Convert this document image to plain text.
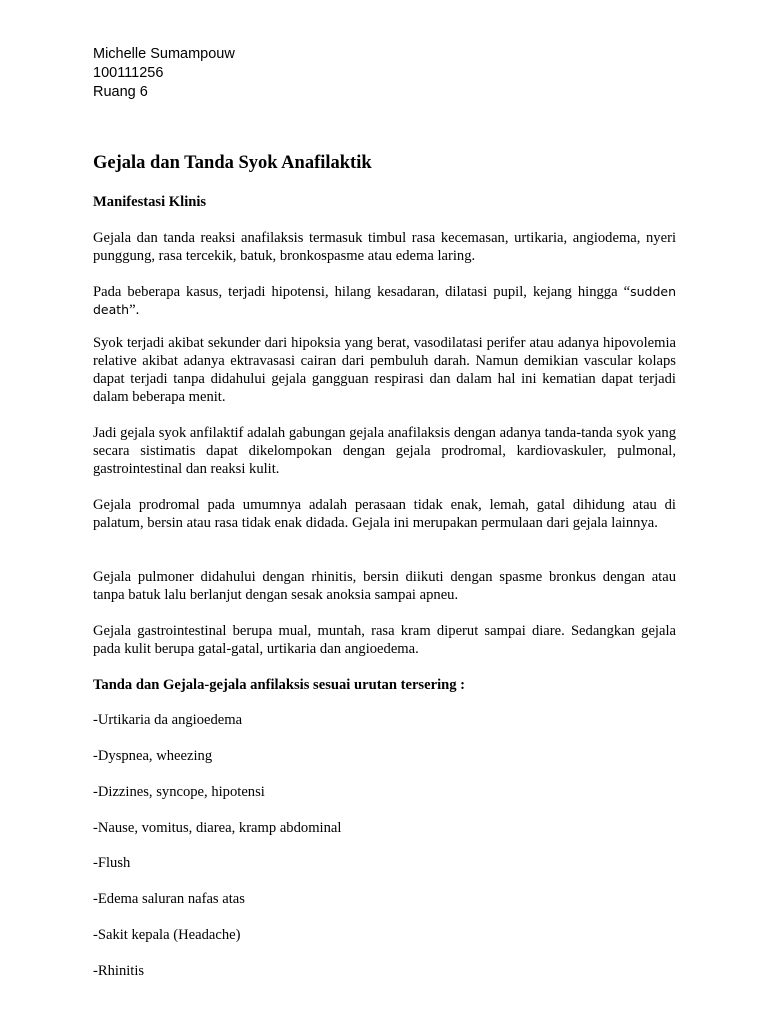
Michelle Sumampouw
100111256
Ruang 6
Gejala dan Tanda Syok Anafilaktik
Manifestasi Klinis
Gejala dan tanda reaksi anafilaksis termasuk timbul rasa kecemasan, urtikaria, angiodema, nyeri punggung, rasa tercekik, batuk, bronkospasme atau edema laring.
Pada beberapa kasus, terjadi hipotensi, hilang kesadaran, dilatasi pupil, kejang hingga “sudden death”.
Syok terjadi akibat sekunder dari hipoksia yang berat, vasodilatasi perifer atau adanya hipovolemia relative akibat adanya ektravasasi cairan dari pembuluh darah. Namun demikian vascular kolaps dapat terjadi tanpa didahului gejala gangguan respirasi dan dalam hal ini kematian dapat terjadi dalam beberapa menit.
Jadi gejala syok anfilaktif adalah gabungan gejala anafilaksis dengan adanya tanda-tanda syok yang secara sistimatis dapat dikelompokan dengan gejala prodromal, kardiovaskuler, pulmonal, gastrointestinal dan reaksi kulit.
Gejala prodromal pada umumnya adalah perasaan tidak enak, lemah, gatal dihidung atau di palatum, bersin atau rasa tidak enak didada. Gejala ini merupakan permulaan dari gejala lainnya.
Gejala pulmoner didahului dengan rhinitis, bersin diikuti dengan spasme bronkus dengan atau tanpa batuk lalu berlanjut dengan sesak anoksia sampai apneu.
Gejala gastrointestinal berupa mual, muntah, rasa kram diperut sampai diare. Sedangkan gejala pada kulit berupa gatal-gatal, urtikaria dan angioedema.
Tanda dan Gejala-gejala anfilaksis sesuai urutan tersering :
-Urtikaria da angioedema
-Dyspnea, wheezing
-Dizzines, syncope, hipotensi
-Nause, vomitus, diarea, kramp abdominal
-Flush
-Edema saluran nafas atas
-Sakit kepala (Headache)
-Rhinitis
